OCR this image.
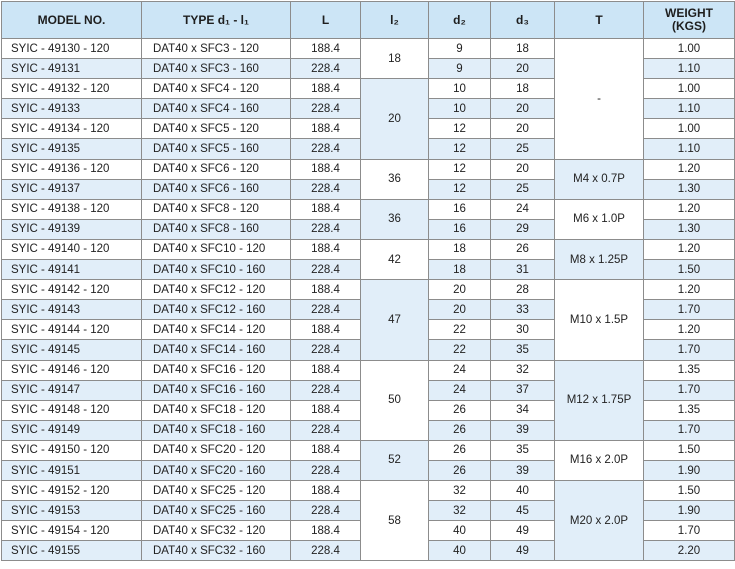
MODEL NO.	TYPE d₁ - l₁	L	l₂	d₂	d₃	T	WEIGHT
(KGS)

SYIC - 49130 - 120	DAT40 x SFC3 - 120	188.4	18	9	18	-	1.00
SYIC - 49131	DAT40 x SFC3 - 160	228.4		9	20		1.10
SYIC - 49132 - 120	DAT40 x SFC4 - 120	188.4	20	10	18		1.00
SYIC - 49133	DAT40 x SFC4 - 160	228.4		10	20		1.10
SYIC - 49134 - 120	DAT40 x SFC5 - 120	188.4		12	20		1.00
SYIC - 49135	DAT40 x SFC5 - 160	228.4		12	25		1.10
SYIC - 49136 - 120	DAT40 x SFC6 - 120	188.4	36	12	20	M4 x 0.7P	1.20
SYIC - 49137	DAT40 x SFC6 - 160	228.4		12	25		1.30
SYIC - 49138 - 120	DAT40 x SFC8 - 120	188.4	36	16	24	M6 x 1.0P	1.20
SYIC - 49139	DAT40 x SFC8 - 160	228.4		16	29		1.30
SYIC - 49140 - 120	DAT40 x SFC10 - 120	188.4	42	18	26	M8 x 1.25P	1.20
SYIC - 49141	DAT40 x SFC10 - 160	228.4		18	31		1.50
SYIC - 49142 - 120	DAT40 x SFC12 - 120	188.4	47	20	28	M10 x 1.5P	1.20
SYIC - 49143	DAT40 x SFC12 - 160	228.4		20	33		1.70
SYIC - 49144 - 120	DAT40 x SFC14 - 120	188.4		22	30		1.20
SYIC - 49145	DAT40 x SFC14 - 160	228.4		22	35		1.70
SYIC - 49146 - 120	DAT40 x SFC16 - 120	188.4	50	24	32	M12 x 1.75P	1.35
SYIC - 49147	DAT40 x SFC16 - 160	228.4		24	37		1.70
SYIC - 49148 - 120	DAT40 x SFC18 - 120	188.4		26	34		1.35
SYIC - 49149	DAT40 x SFC18 - 160	228.4		26	39		1.70
SYIC - 49150 - 120	DAT40 x SFC20 - 120	188.4	52	26	35	M16 x 2.0P	1.50
SYIC - 49151	DAT40 x SFC20 - 160	228.4		26	39		1.90
SYIC - 49152 - 120	DAT40 x SFC25 - 120	188.4	58	32	40	M20 x 2.0P	1.50
SYIC - 49153	DAT40 x SFC25 - 160	228.4		32	45		1.90
SYIC - 49154 - 120	DAT40 x SFC32 - 120	188.4		40	49		1.70
SYIC - 49155	DAT40 x SFC32 - 160	228.4		40	49		2.20
